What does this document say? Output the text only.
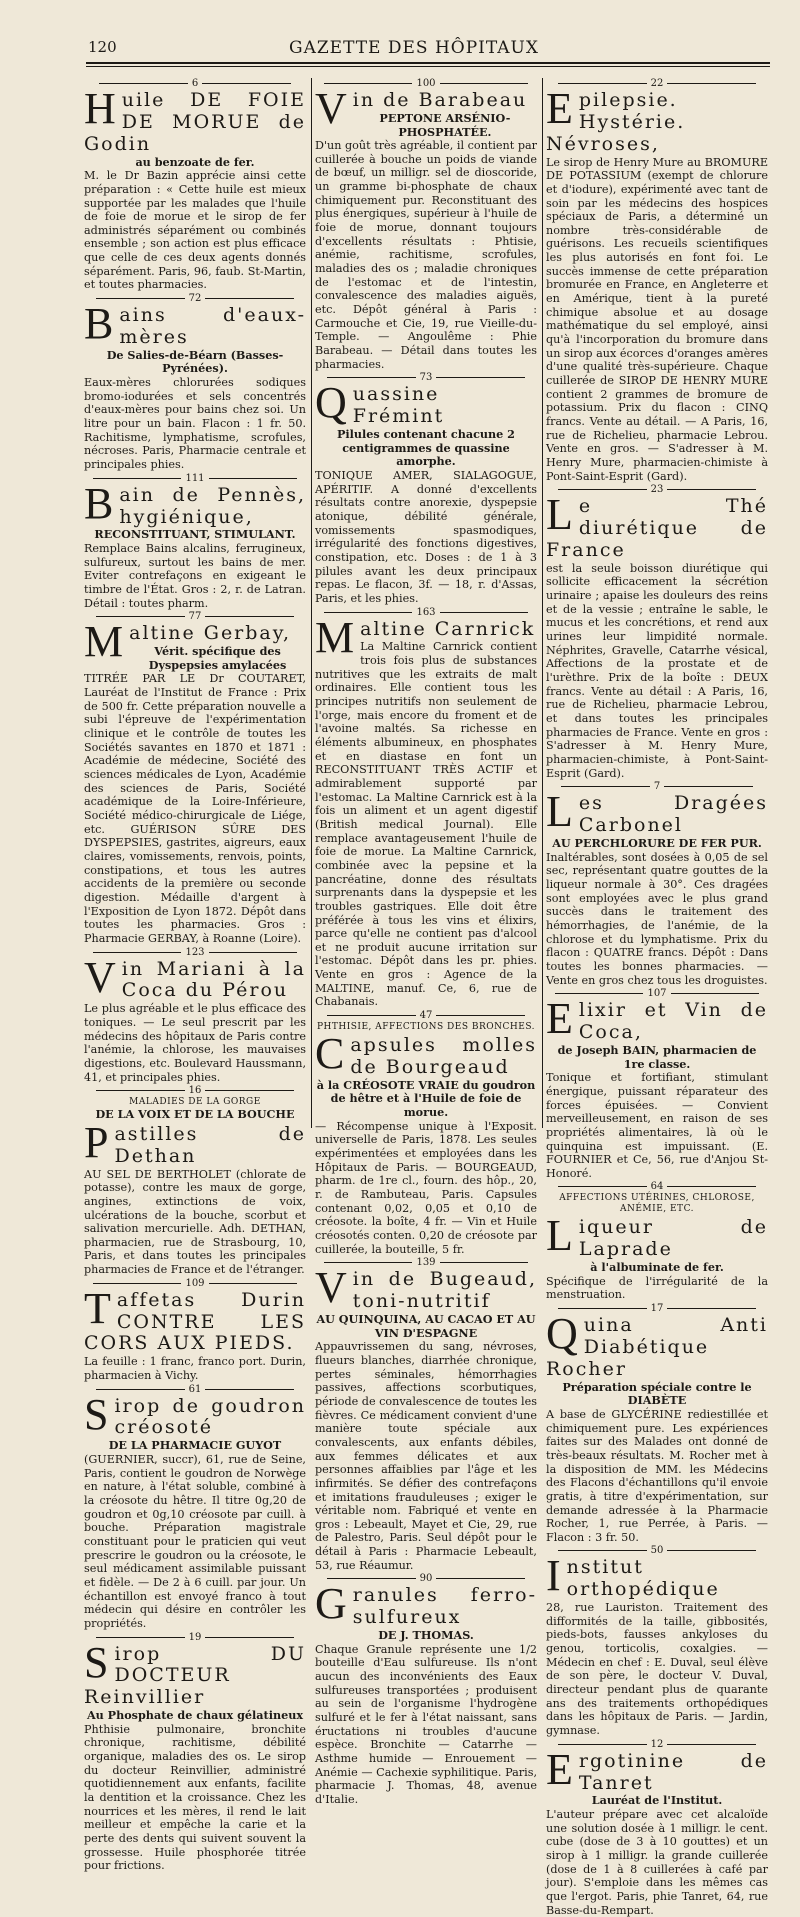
120	GAZETTE DES HÔPITAUX
6

Huile DE FOIE DE MORUE de Godin

au benzoate de fer.

M. le Dr Bazin apprécie ainsi cette préparation : « Cette huile est mieux supportée par les malades que l'huile de foie de morue et le sirop de fer administrés séparément ou combinés ensemble ; son action est plus efficace que celle de ces deux agents donnés séparément. Paris, 96, faub. St-Martin, et toutes pharmacies.

72

Bains d'eaux-mères

De Salies-de-Béarn (Basses-Pyrénées).

Eaux-mères chlorurées sodiques bromo-iodurées et sels concentrés d'eaux-mères pour bains chez soi. Un litre pour un bain. Flacon : 1 fr. 50. Rachitisme, lymphatisme, scrofules, nécroses. Paris, Pharmacie centrale et principales phies.

111

Bain de Pennès, hygiénique,

RECONSTITUANT, STIMULANT.

Remplace Bains alcalins, ferrugineux, sulfureux, surtout les bains de mer. Eviter contrefaçons en exigeant le timbre de l'État. Gros : 2, r. de Latran. Détail : toutes pharm.

77

Maltine Gerbay,

Vérit. spécifique des Dyspepsies amylacées

TITRÉE PAR LE Dr COUTARET, Lauréat de l'Institut de France : Prix de 500 fr. Cette préparation nouvelle a subi l'épreuve de l'expérimentation clinique et le contrôle de toutes les Sociétés savantes en 1870 et 1871 : Académie de médecine, Société des sciences médicales de Lyon, Académie des sciences de Paris, Société académique de la Loire-Inférieure, Société médico-chirurgicale de Liége, etc. GUÉRISON SÛRE DES DYSPEPSIES, gastrites, aigreurs, eaux claires, vomissements, renvois, points, constipations, et tous les autres accidents de la première ou seconde digestion. Médaille d'argent à l'Exposition de Lyon 1872. Dépôt dans toutes les pharmacies. Gros : Pharmacie GERBAY, à Roanne (Loire).

123

Vin Mariani à la Coca du Pérou

Le plus agréable et le plus efficace des toniques. — Le seul prescrit par les médecins des hôpitaux de Paris contre l'anémie, la chlorose, les mauvaises digestions, etc. Boulevard Haussmann, 41, et principales phies.

16

MALADIES DE LA GORGE

DE LA VOIX ET DE LA BOUCHE

Pastilles de Dethan

AU SEL DE BERTHOLET (chlorate de potasse), contre les maux de gorge, angines, extinctions de voix, ulcérations de la bouche, scorbut et salivation mercurielle. Adh. DETHAN, pharmacien, rue de Strasbourg, 10, Paris, et dans toutes les principales pharmacies de France et de l'étranger.

109

Taffetas Durin CONTRE LES CORS AUX PIEDS.

La feuille : 1 franc, franco port. Durin, pharmacien à Vichy.

61

Sirop de goudron créosoté

DE LA PHARMACIE GUYOT

(GUERNIER, succr), 61, rue de Seine, Paris, contient le goudron de Norwège en nature, à l'état soluble, combiné à la créosote du hêtre. Il titre 0g,20 de goudron et 0g,10 créosote par cuill. à bouche. Préparation magistrale constituant pour le praticien qui veut prescrire le goudron ou la créosote, le seul médicament assimilable puissant et fidèle. — De 2 à 6 cuill. par jour. Un échantillon est envoyé franco à tout médecin qui désire en contrôler les propriétés.

19

Sirop DU DOCTEUR Reinvillier

Au Phosphate de chaux gélatineux

Phthisie pulmonaire, bronchite chronique, rachitisme, débilité organique, maladies des os. Le sirop du docteur Reinvillier, administré quotidiennement aux enfants, facilite la dentition et la croissance. Chez les nourrices et les mères, il rend le lait meilleur et empêche la carie et la perte des dents qui suivent souvent la grossesse. Huile phosphorée titrée pour frictions.

100

Vin de Barabeau

PEPTONE ARSÉNIO-PHOSPHATÉE.

D'un goût très agréable, il contient par cuillerée à bouche un poids de viande de bœuf, un milligr. sel de dioscoride, un gramme bi-phosphate de chaux chimiquement pur. Reconstituant des plus énergiques, supérieur à l'huile de foie de morue, donnant toujours d'excellents résultats : Phtisie, anémie, rachitisme, scrofules, maladies des os ; maladie chroniques de l'estomac et de l'intestin, convalescence des maladies aiguës, etc. Dépôt général à Paris : Carmouche et Cie, 19, rue Vieille-du-Temple. — Angoulême : Phie Barabeau. — Détail dans toutes les pharmacies.

73

Quassine Frémint

Pilules contenant chacune 2 centigrammes de quassine amorphe.

TONIQUE AMER, SIALAGOGUE, APÉRITIF. A donné d'excellents résultats contre anorexie, dyspepsie atonique, débilité générale, vomissements spasmodiques, irrégularité des fonctions digestives, constipation, etc. Doses : de 1 à 3 pilules avant les deux principaux repas. Le flacon, 3f. — 18, r. d'Assas, Paris, et les phies.

163

Maltine Carnrick

La Maltine Carnrick contient trois fois plus de substances nutritives que les extraits de malt ordinaires. Elle contient tous les principes nutritifs non seulement de l'orge, mais encore du froment et de l'avoine maltés. Sa richesse en éléments albumineux, en phosphates et en diastase en font un RECONSTITUANT TRÈS ACTIF et admirablement supporté par l'estomac. La Maltine Carnrick est à la fois un aliment et un agent digestif (British medical Journal). Elle remplace avantageusement l'huile de foie de morue. La Maltine Carnrick, combinée avec la pepsine et la pancréatine, donne des résultats surprenants dans la dyspepsie et les troubles gastriques. Elle doit être préférée à tous les vins et élixirs, parce qu'elle ne contient pas d'alcool et ne produit aucune irritation sur l'estomac. Dépôt dans les pr. phies. Vente en gros : Agence de la MALTINE, manuf. Ce, 6, rue de Chabanais.

47

PHTHISIE, AFFECTIONS DES BRONCHES.

Capsules molles de Bourgeaud

à la CRÉOSOTE VRAIE du goudron de hêtre et à l'Huile de foie de morue.

— Récompense unique à l'Exposit. universelle de Paris, 1878. Les seules expérimentées et employées dans les Hôpitaux de Paris. — BOURGEAUD, pharm. de 1re cl., fourn. des hôp., 20, r. de Rambuteau, Paris. Capsules contenant 0,02, 0,05 et 0,10 de créosote. la boîte, 4 fr. — Vin et Huile créosotés conten. 0,20 de créosote par cuillerée, la bouteille, 5 fr.

139

Vin de Bugeaud, toni-nutritif

AU QUINQUINA, AU CACAO ET AU VIN D'ESPAGNE

Appauvrissemen du sang, névroses, flueurs blanches, diarrhée chronique, pertes séminales, hémorrhagies passives, affections scorbutiques, période de convalescence de toutes les fièvres. Ce médicament convient d'une manière toute spéciale aux convalescents, aux enfants débiles, aux femmes délicates et aux personnes affaiblies par l'âge et les infirmités. Se défier des contrefaçons et imitations frauduleuses ; exiger le véritable nom. Fabriqué et vente en gros : Lebeault, Mayet et Cie, 29, rue de Palestro, Paris. Seul dépôt pour le détail à Paris : Pharmacie Lebeault, 53, rue Réaumur.

90

Granules ferro-sulfureux

DE J. THOMAS.

Chaque Granule représente une 1/2 bouteille d'Eau sulfureuse. Ils n'ont aucun des inconvénients des Eaux sulfureuses transportées ; produisent au sein de l'organisme l'hydrogène sulfuré et le fer à l'état naissant, sans éructations ni troubles d'aucune espèce. Bronchite — Catarrhe — Asthme humide — Enrouement — Anémie — Cachexie syphilitique. Paris, pharmacie J. Thomas, 48, avenue d'Italie.

22

Epilepsie. Hystérie. Névroses,

Le sirop de Henry Mure au BROMURE DE POTASSIUM (exempt de chlorure et d'iodure), expérimenté avec tant de soin par les médecins des hospices spéciaux de Paris, a déterminé un nombre très-considérable de guérisons. Les recueils scientifiques les plus autorisés en font foi. Le succès immense de cette préparation bromurée en France, en Angleterre et en Amérique, tient à la pureté chimique absolue et au dosage mathématique du sel employé, ainsi qu'à l'incorporation du bromure dans un sirop aux écorces d'oranges amères d'une qualité très-supérieure. Chaque cuillerée de SIROP DE HENRY MURE contient 2 grammes de bromure de potassium. Prix du flacon : CINQ francs. Vente au détail. — A Paris, 16, rue de Richelieu, pharmacie Lebrou. Vente en gros. — S'adresser à M. Henry Mure, pharmacien-chimiste à Pont-Saint-Esprit (Gard).

23

Le Thé diurétique de France

est la seule boisson diurétique qui sollicite efficacement la sécrétion urinaire ; apaise les douleurs des reins et de la vessie ; entraîne le sable, le mucus et les concrétions, et rend aux urines leur limpidité normale. Néphrites, Gravelle, Catarrhe vésical, Affections de la prostate et de l'urèthre. Prix de la boîte : DEUX francs. Vente au détail : A Paris, 16, rue de Richelieu, pharmacie Lebrou, et dans toutes les principales pharmacies de France. Vente en gros : S'adresser à M. Henry Mure, pharmacien-chimiste, à Pont-Saint-Esprit (Gard).

7

Les Dragées Carbonel

AU PERCHLORURE DE FER PUR.

Inaltérables, sont dosées à 0,05 de sel sec, représentant quatre gouttes de la liqueur normale à 30°. Ces dragées sont employées avec le plus grand succès dans le traitement des hémorrhagies, de l'anémie, de la chlorose et du lymphatisme. Prix du flacon : QUATRE francs. Dépôt : Dans toutes les bonnes pharmacies. — Vente en gros chez tous les droguistes.

107

Elixir et Vin de Coca,

de Joseph BAIN, pharmacien de 1re classe.

Tonique et fortifiant, stimulant énergique, puissant réparateur des forces épuisées. — Convient merveilleusement, en raison de ses propriétés alimentaires, là où le quinquina est impuissant. (E. FOURNIER et Ce, 56, rue d'Anjou St-Honoré.

64

AFFECTIONS UTÉRINES, CHLOROSE, ANÉMIE, ETC.

Liqueur de Laprade

à l'albuminate de fer.

Spécifique de l'irrégularité de la menstruation.

17

Quina Anti Diabétique Rocher

Préparation spéciale contre le DIABÈTE

A base de GLYCÉRINE rediestillée et chimiquement pure. Les expériences faites sur des Malades ont donné de très-beaux résultats. M. Rocher met à la disposition de MM. les Médecins des Flacons d'échantillons qu'il envoie gratis, à titre d'expérimentation, sur demande adressée à la Pharmacie Rocher, 1, rue Perrée, à Paris. — Flacon : 3 fr. 50.

50

Institut orthopédique

28, rue Lauriston. Traitement des difformités de la taille, gibbosités, pieds-bots, fausses ankyloses du genou, torticolis, coxalgies. — Médecin en chef : E. Duval, seul élève de son père, le docteur V. Duval, directeur pendant plus de quarante ans des traitements orthopédiques dans les hôpitaux de Paris. — Jardin, gymnase.

12

Ergotinine de Tanret

Lauréat de l'Institut.

L'auteur prépare avec cet alcaloïde une solution dosée à 1 milligr. le cent. cube (dose de 3 à 10 gouttes) et un sirop à 1 milligr. la grande cuillerée (dose de 1 à 8 cuillerées à café par jour). S'emploie dans les mêmes cas que l'ergot. Paris, phie Tanret, 64, rue Basse-du-Rempart.
